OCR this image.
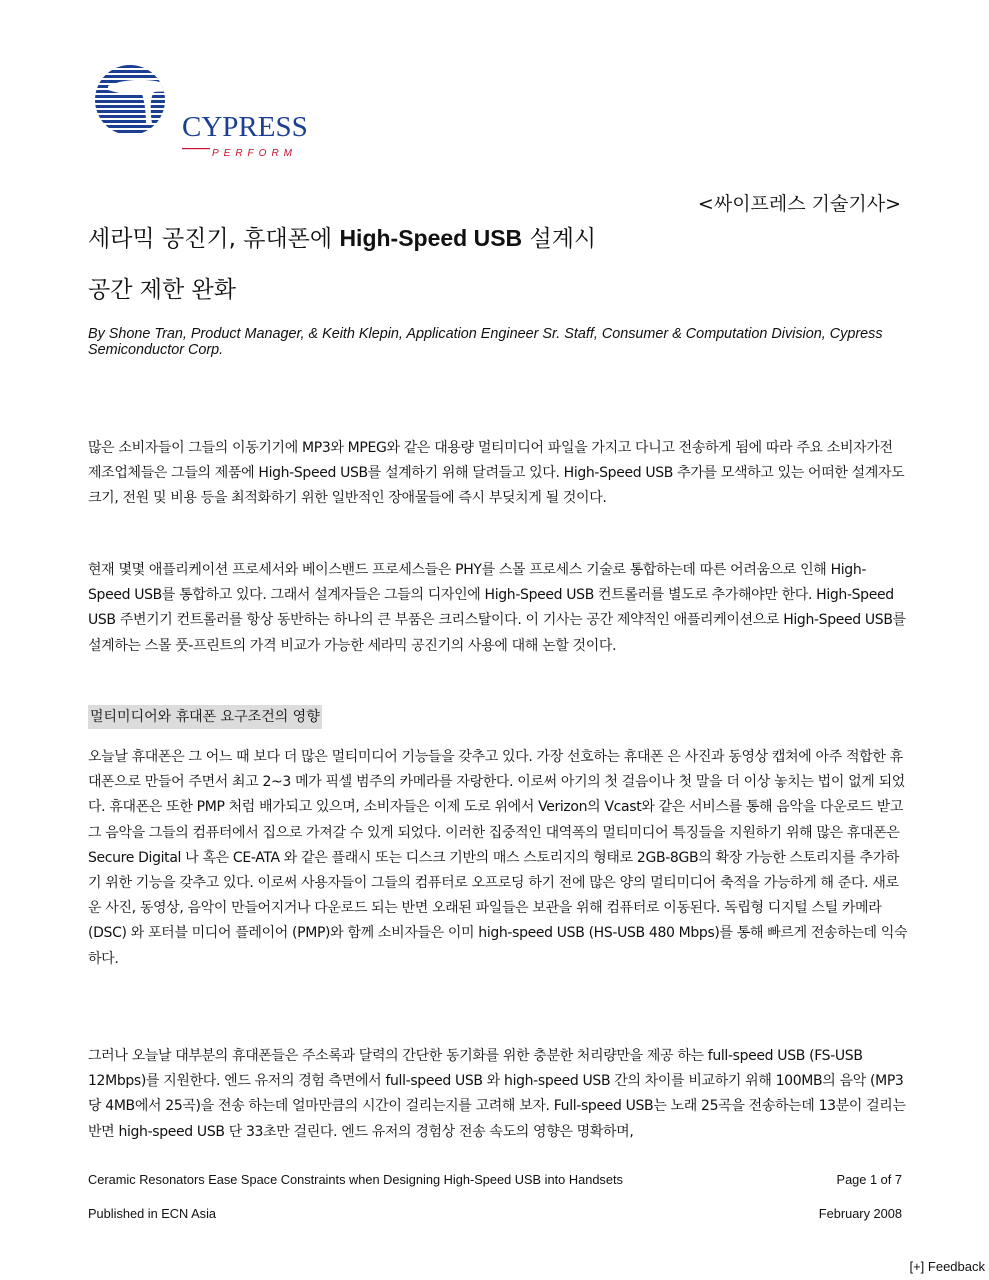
CYPRESS
PERFORM
<싸이프레스 기술기사>
세라믹 공진기, 휴대폰에 High-Speed USB 설계시
공간 제한 완화
By Shone Tran, Product Manager, & Keith Klepin, Application Engineer Sr. Staff, Consumer & Computation Division, Cypress Semiconductor Corp.

많은 소비자들이 그들의 이동기기에 MP3와 MPEG와 같은 대용량 멀티미디어 파일을 가지고 다니고 전송하게 됨에 따라 주요 소비자가전 제조업체들은 그들의 제품에 High-Speed USB를 설계하기 위해 달려들고 있다. High-Speed USB 추가를 모색하고 있는 어떠한 설계자도 크기, 전원 및 비용 등을 최적화하기 위한 일반적인 장애물들에 즉시 부딪치게 될 것이다.

현재 몇몇 애플리케이션 프로세서와 베이스밴드 프로세스들은 PHY를 스몰 프로세스 기술로 통합하는데 따른 어려움으로 인해 High-Speed USB를 통합하고 있다. 그래서 설계자들은 그들의 디자인에 High-Speed USB 컨트롤러를 별도로 추가해야만 한다. High-Speed USB 주변기기 컨트롤러를 항상 동반하는 하나의 큰 부품은 크리스탈이다. 이 기사는 공간 제약적인 애플리케이션으로 High-Speed USB를 설계하는 스몰 풋-프린트의 가격 비교가 가능한 세라믹 공진기의 사용에 대해 논할 것이다.

멀티미디어와 휴대폰 요구조건의 영향

오늘날 휴대폰은 그 어느 때 보다 더 많은 멀티미디어 기능들을 갖추고 있다. 가장 선호하는 휴대폰 은 사진과 동영상 캡쳐에 아주 적합한 휴대폰으로 만들어 주면서 최고 2~3 메가 픽셀 범주의 카메라를 자랑한다. 이로써 아기의 첫 걸음이나 첫 말을 더 이상 놓치는 법이 없게 되었다. 휴대폰은 또한 PMP 처럼 배가되고 있으며, 소비자들은 이제 도로 위에서 Verizon의 Vcast와 같은 서비스를 통해 음악을 다운로드 받고 그 음악을 그들의 컴퓨터에서 집으로 가져갈 수 있게 되었다. 이러한 집중적인 대역폭의 멀티미디어 특징들을 지원하기 위해 많은 휴대폰은 Secure Digital 나 혹은 CE-ATA 와 같은 플래시 또는 디스크 기반의 매스 스토리지의 형태로 2GB-8GB의 확장 가능한 스토리지를 추가하기 위한 기능을 갖추고 있다. 이로써 사용자들이 그들의 컴퓨터로 오프로딩 하기 전에 많은 양의 멀티미디어 축적을 가능하게 해 준다. 새로운 사진, 동영상, 음악이 만들어지거나 다운로드 되는 반면 오래된 파일들은 보관을 위해 컴퓨터로 이동된다. 독립형 디지털 스틸 카메라 (DSC) 와 포터블 미디어 플레이어 (PMP)와 함께 소비자들은 이미 high-speed USB (HS-USB 480 Mbps)를 통해 빠르게 전송하는데 익숙하다.

그러나 오늘날 대부분의 휴대폰들은 주소록과 달력의 간단한 동기화를 위한 충분한 처리량만을 제공 하는 full-speed USB (FS-USB 12Mbps)를 지원한다. 엔드 유저의 경험 측면에서 full-speed USB 와 high-speed USB 간의 차이를 비교하기 위해 100MB의 음악 (MP3 당 4MB에서 25곡)을 전송 하는데 얼마만큼의 시간이 걸리는지를 고려해 보자. Full-speed USB는 노래 25곡을 전송하는데 13분이 걸리는 반면 high-speed USB 단 33초만 걸린다. 엔드 유저의 경험상 전송 속도의 영향은 명확하며,

Ceramic Resonators Ease Space Constraints when Designing High-Speed USB into Handsets	Page 1 of 7
Published in ECN Asia	February 2008
[+] Feedback
